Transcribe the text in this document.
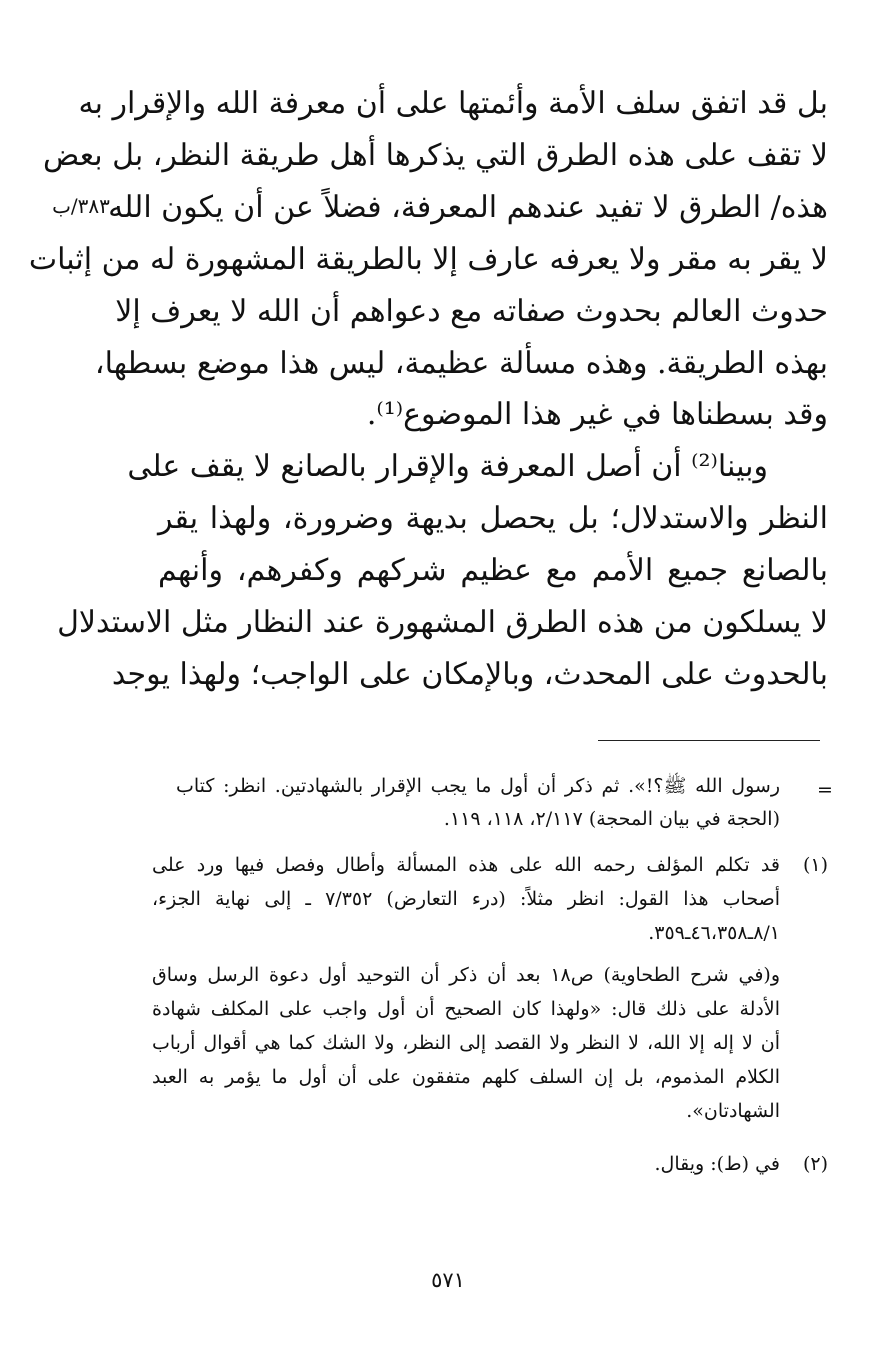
٣٨٣/ب
بل قد اتفق سلف الأمة وأئمتها على أن معرفة الله والإقرار به
لا تقف على هذه الطرق التي يذكرها أهل طريقة النظر، بل بعض
هذه/ الطرق لا تفيد عندهم المعرفة، فضلاً عن أن يكون الله
لا يقر به مقر ولا يعرفه عارف إلا بالطريقة المشهورة له من إثبات
حدوث العالم بحدوث صفاته مع دعواهم أن الله لا يعرف إلا
بهذه الطريقة. وهذه مسألة عظيمة، ليس هذا موضع بسطها،
وقد بسطناها في غير هذا الموضوع⁽¹⁾.
وبينا⁽²⁾ أن أصل المعرفة والإقرار بالصانع لا يقف على
النظر والاستدلال؛ بل يحصل بديهة وضرورة، ولهذا يقر
بالصانع جميع الأمم مع عظيم شركهم وكفرهم، وأنهم
لا يسلكون من هذه الطرق المشهورة عند النظار مثل الاستدلال
بالحدوث على المحدث، وبالإمكان على الواجب؛ ولهذا يوجد
=
رسول الله ﷺ؟!». ثم ذكر أن أول ما يجب الإقرار بالشهادتين. انظر: كتاب
(الحجة في بيان المحجة) ٢/١١٧، ١١٨، ١١٩.
(١)
قد تكلم المؤلف رحمه الله على هذه المسألة وأطال وفصل فيها ورد على
أصحاب هذا القول: انظر مثلاً: (درء التعارض) ٧/٣٥٢ ـ إلى نهاية الجزء،
٨/١ـ٤٦،٣٥٨ـ٣٥٩.
و(في شرح الطحاوية) ص١٨ بعد أن ذكر أن التوحيد أول دعوة الرسل وساق
الأدلة على ذلك قال: «ولهذا كان الصحيح أن أول واجب على المكلف شهادة
أن لا إله إلا الله، لا النظر ولا القصد إلى النظر، ولا الشك كما هي أقوال أرباب
الكلام المذموم، بل إن السلف كلهم متفقون على أن أول ما يؤمر به العبد
الشهادتان».
(٢)
في (ط): ويقال.
٥٧١
